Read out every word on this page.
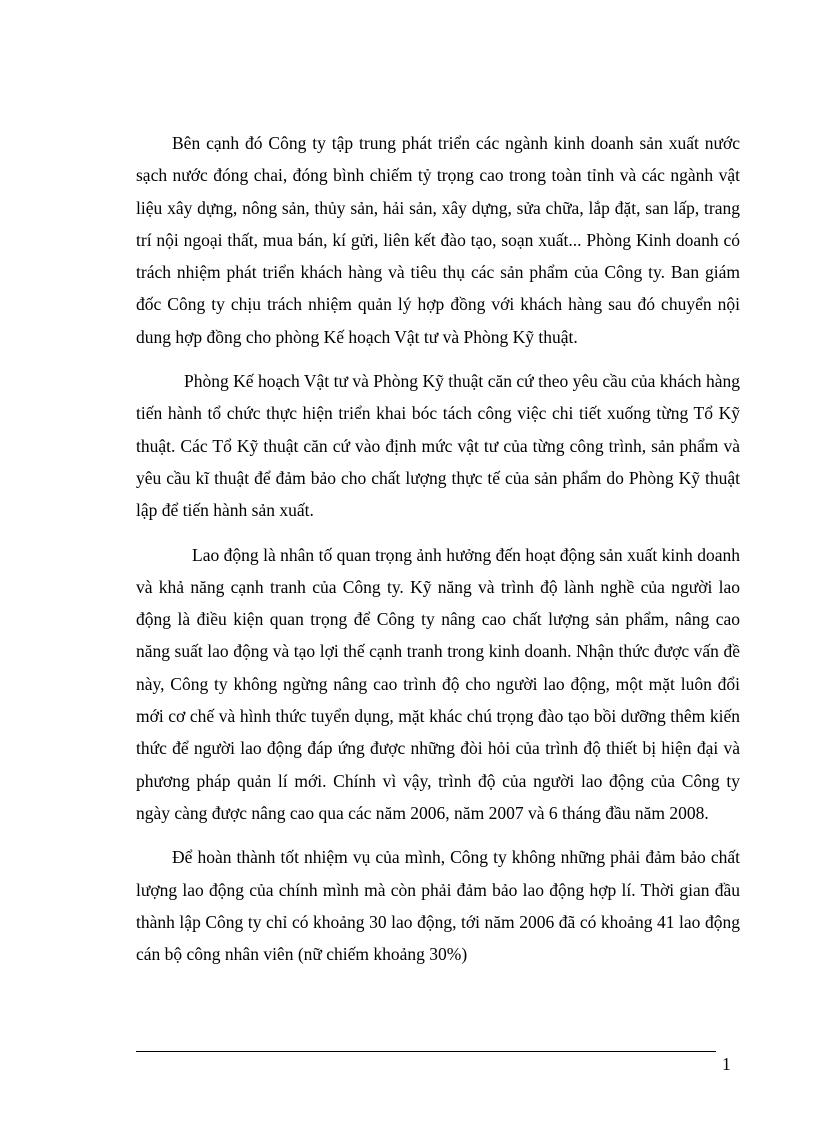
Bên cạnh đó Công ty tập trung phát triển các ngành kinh doanh sản xuất nước sạch nước đóng chai, đóng bình chiếm tỷ trọng cao trong toàn tỉnh và các ngành vật liệu xây dựng, nông sản, thủy sản, hải sản, xây dựng, sửa chữa, lắp đặt, san lấp, trang trí nội ngoại thất, mua bán, kí gửi, liên kết đào tạo, soạn xuất... Phòng Kinh doanh có trách nhiệm phát triển khách hàng và tiêu thụ các sản phẩm của Công ty. Ban giám đốc Công ty chịu trách nhiệm quản lý hợp đồng với khách hàng sau đó chuyển nội dung hợp đồng cho phòng Kế hoạch Vật tư và Phòng Kỹ thuật.

Phòng Kế hoạch Vật tư và Phòng Kỹ thuật căn cứ theo yêu cầu của khách hàng tiến hành tổ chức thực hiện triển khai bóc tách công việc chi tiết xuống từng Tổ Kỹ thuật. Các Tổ Kỹ thuật căn cứ vào định mức vật tư của từng công trình, sản phẩm và yêu cầu kĩ thuật để đảm bảo cho chất lượng thực tế của sản phẩm do Phòng Kỹ thuật lập để tiến hành sản xuất.

Lao động là nhân tố quan trọng ảnh hưởng đến hoạt động sản xuất kinh doanh và khả năng cạnh tranh của Công ty. Kỹ năng và trình độ lành nghề của người lao động là điều kiện quan trọng để Công ty nâng cao chất lượng sản phẩm, nâng cao năng suất lao động và tạo lợi thế cạnh tranh trong kinh doanh. Nhận thức được vấn đề này, Công ty không ngừng nâng cao trình độ cho người lao động, một mặt luôn đổi mới cơ chế và hình thức tuyển dụng, mặt khác chú trọng đào tạo bồi dưỡng thêm kiến thức để người lao động đáp ứng được những đòi hỏi của trình độ thiết bị hiện đại và phương pháp quản lí mới. Chính vì vậy, trình độ của người lao động của Công ty ngày càng được nâng cao qua các năm 2006, năm 2007 và 6 tháng đầu năm 2008.

Để hoàn thành tốt nhiệm vụ của mình, Công ty không những phải đảm bảo chất lượng lao động của chính mình mà còn phải đảm bảo lao động hợp lí. Thời gian đầu thành lập Công ty chỉ có khoảng 30 lao động, tới năm 2006 đã có khoảng 41 lao động cán bộ công nhân viên (nữ chiếm khoảng 30%)

1
